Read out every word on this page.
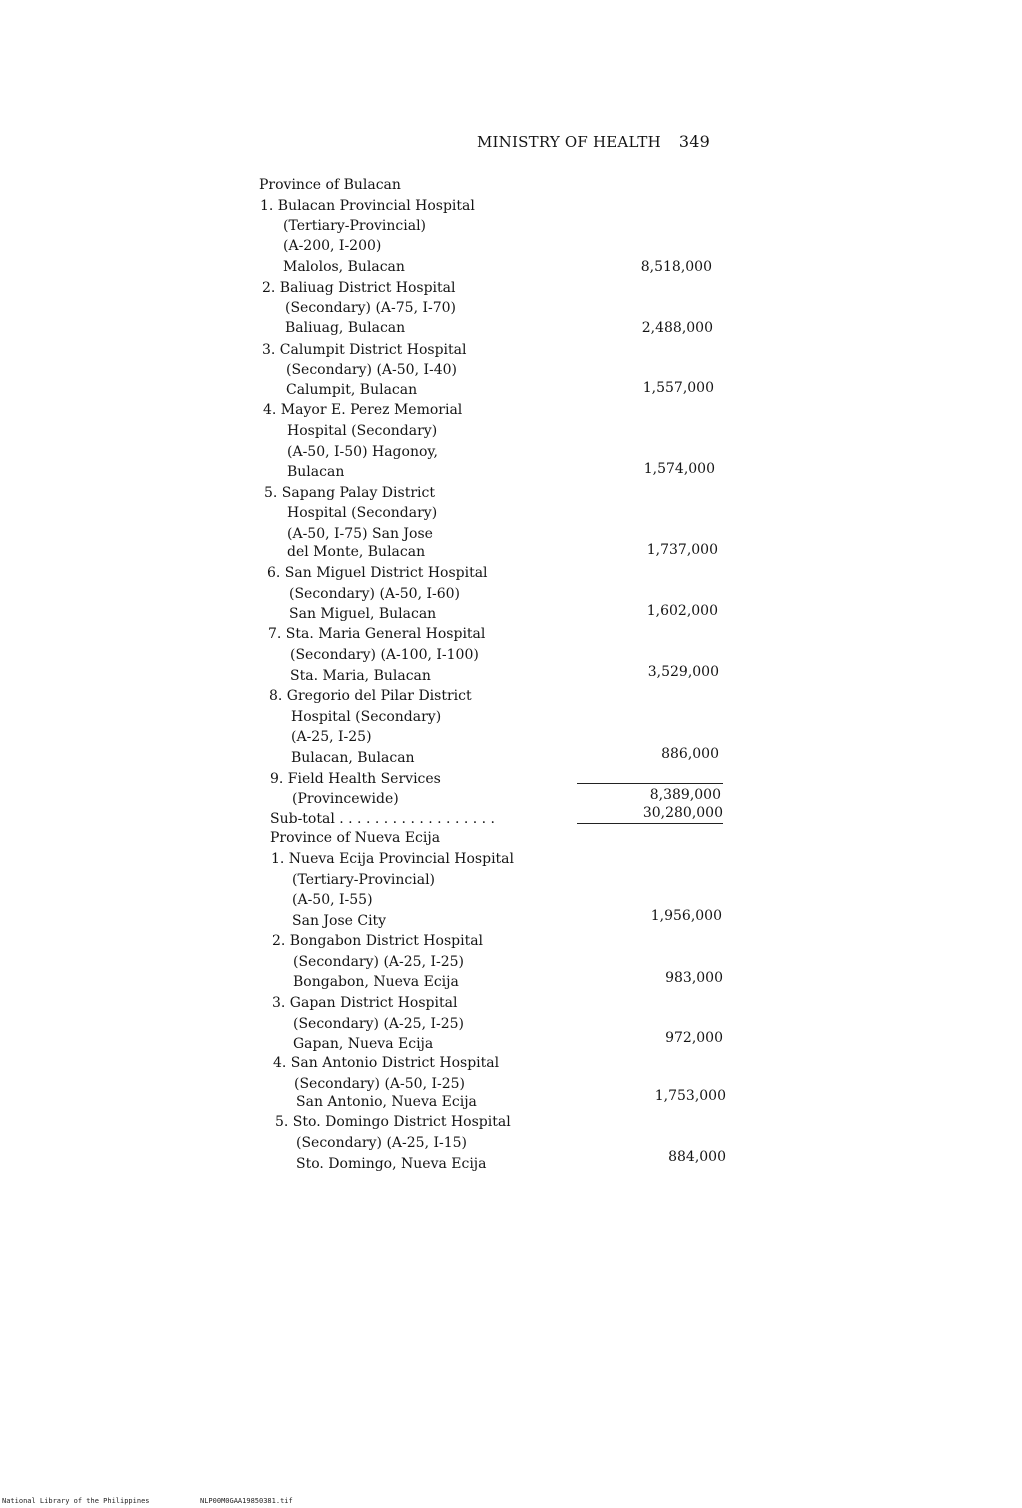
MINISTRY OF HEALTH 349
Province of Bulacan
1. Bulacan Provincial Hospital
(Tertiary-Provincial)
(A-200, I-200)
Malolos, Bulacan	8,518,000
2. Baliuag District Hospital
(Secondary) (A-75, I-70)
Baliuag, Bulacan	2,488,000
3. Calumpit District Hospital
(Secondary) (A-50, I-40)
Calumpit, Bulacan	1,557,000
4. Mayor E. Perez Memorial
Hospital (Secondary)
(A-50, I-50) Hagonoy,
Bulacan	1,574,000
5. Sapang Palay District
Hospital (Secondary)
(A-50, I-75) San Jose
del Monte, Bulacan	1,737,000
6. San Miguel District Hospital
(Secondary) (A-50, I-60)
San Miguel, Bulacan	1,602,000
7. Sta. Maria General Hospital
(Secondary) (A-100, I-100)
Sta. Maria, Bulacan	3,529,000
8. Gregorio del Pilar District
Hospital (Secondary)
(A-25, I-25)
Bulacan, Bulacan	886,000
9. Field Health Services
(Provincewide)	8,389,000
Sub-total . . . . . . . . . . . . . . . . . .	30,280,000
Province of Nueva Ecija
1. Nueva Ecija Provincial Hospital
(Tertiary-Provincial)
(A-50, I-55)
San Jose City	1,956,000
2. Bongabon District Hospital
(Secondary) (A-25, I-25)
Bongabon, Nueva Ecija	983,000
3. Gapan District Hospital
(Secondary) (A-25, I-25)
Gapan, Nueva Ecija	972,000
4. San Antonio District Hospital
(Secondary) (A-50, I-25)
San Antonio, Nueva Ecija	1,753,000
5. Sto. Domingo District Hospital
(Secondary) (A-25, I-15)
Sto. Domingo, Nueva Ecija	884,000
National Library of the Philippines	NLP00M0GAA19850381.tif
